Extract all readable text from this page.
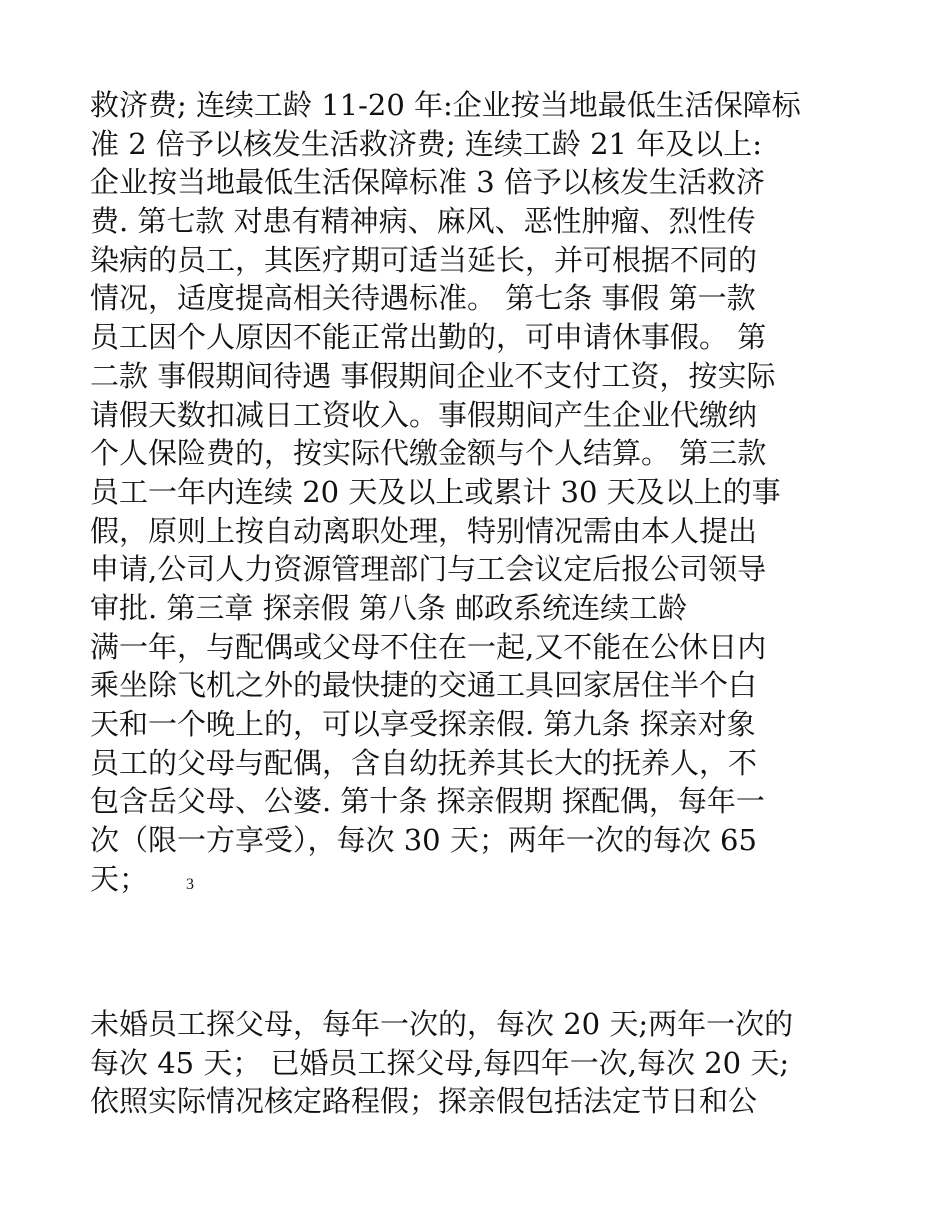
救济费; 连续工龄 11-20 年:企业按当地最低生活保障标
准 2 倍予以核发生活救济费; 连续工龄 21 年及以上:
企业按当地最低生活保障标准 3 倍予以核发生活救济
费. 第七款 对患有精神病、麻风、恶性肿瘤、烈性传
染病的员工，其医疗期可适当延长，并可根据不同的
情况，适度提高相关待遇标准。 第七条 事假 第一款
员工因个人原因不能正常出勤的，可申请休事假。 第
二款 事假期间待遇 事假期间企业不支付工资，按实际
请假天数扣减日工资收入。事假期间产生企业代缴纳
个人保险费的，按实际代缴金额与个人结算。 第三款
员工一年内连续 20 天及以上或累计 30 天及以上的事
假，原则上按自动离职处理，特别情况需由本人提出
申请,公司人力资源管理部门与工会议定后报公司领导
审批. 第三章 探亲假 第八条 邮政系统连续工龄
满一年，与配偶或父母不住在一起,又不能在公休日内
乘坐除飞机之外的最快捷的交通工具回家居住半个白
天和一个晚上的，可以享受探亲假. 第九条 探亲对象
员工的父母与配偶，含自幼抚养其长大的抚养人，不
包含岳父母、公婆. 第十条 探亲假期 探配偶，每年一
次（限一方享受），每次 30 天；两年一次的每次 65
天； 3
未婚员工探父母，每年一次的，每次 20 天;两年一次的
每次 45 天； 已婚员工探父母,每四年一次,每次 20 天;
依照实际情况核定路程假；探亲假包括法定节日和公
